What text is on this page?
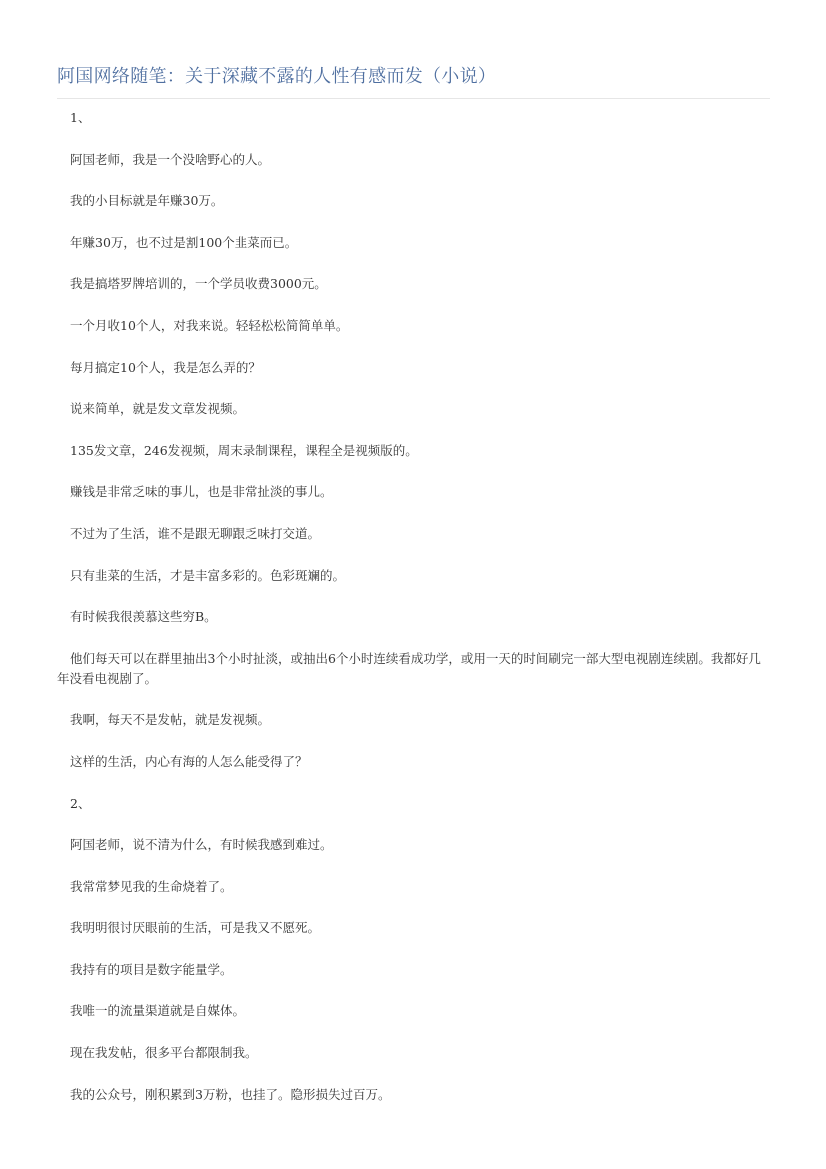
阿国网络随笔：关于深藏不露的人性有感而发（小说）

1、

阿国老师，我是一个没啥野心的人。

我的小目标就是年赚30万。

年赚30万，也不过是割100个韭菜而已。

我是搞塔罗牌培训的，一个学员收费3000元。

一个月收10个人，对我来说。轻轻松松简简单单。

每月搞定10个人，我是怎么弄的？

说来简单，就是发文章发视频。

135发文章，246发视频，周末录制课程，课程全是视频版的。

赚钱是非常乏味的事儿，也是非常扯淡的事儿。

不过为了生活，谁不是跟无聊跟乏味打交道。

只有韭菜的生活，才是丰富多彩的。色彩斑斓的。

有时候我很羡慕这些穷B。

他们每天可以在群里抽出3个小时扯淡，或抽出6个小时连续看成功学，或用一天的时间刷完一部大型电视剧连续剧。我都好几年没看电视剧了。

我啊，每天不是发帖，就是发视频。

这样的生活，内心有海的人怎么能受得了？

2、

阿国老师，说不清为什么，有时候我感到难过。

我常常梦见我的生命烧着了。

我明明很讨厌眼前的生活，可是我又不愿死。

我持有的项目是数字能量学。

我唯一的流量渠道就是自媒体。

现在我发帖，很多平台都限制我。

我的公众号，刚积累到3万粉，也挂了。隐形损失过百万。
